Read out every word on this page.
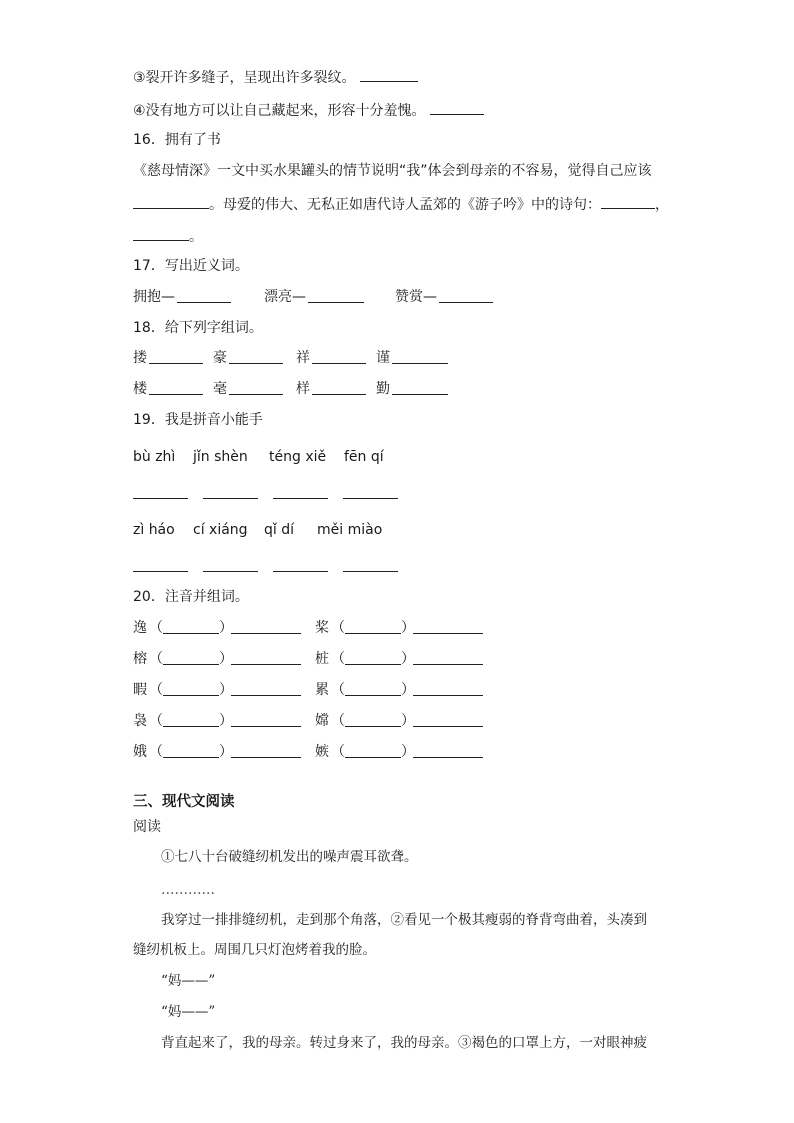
③裂开许多缝子，呈现出许多裂纹。
④没有地方可以让自己藏起来，形容十分羞愧。
16．拥有了书
《慈母情深》一文中买水果罐头的情节说明“我”体会到母亲的不容易，觉得自己应该
。母爱的伟大、无私正如唐代诗人孟郊的《游子吟》中的诗句：	，
。
17．写出近义词。
拥抱—	漂亮—	赞赏—
18．给下列字组词。
搂	豪	祥	谨
楼	毫	样	勤
19．我是拼音小能手
bù zhì jǐn shèn téng xiě fēn qí
zì háo cí xiáng qǐ dí měi miào
20．注音并组词。
逸 （	）	桨 （	）
榕 （	）	桩 （	）
暇 （	）	累 （	）
袅 （	）	嫦 （	）
娥 （	）	嫉 （	）
三、现代文阅读
阅读
①七八十台破缝纫机发出的噪声震耳欲聋。
…………
我穿过一排排缝纫机，走到那个角落，②看见一个极其瘦弱的脊背弯曲着，头凑到
缝纫机板上。周围几只灯泡烤着我的脸。
“妈——”
“妈——”
背直起来了，我的母亲。转过身来了，我的母亲。③褐色的口罩上方，一对眼神疲
